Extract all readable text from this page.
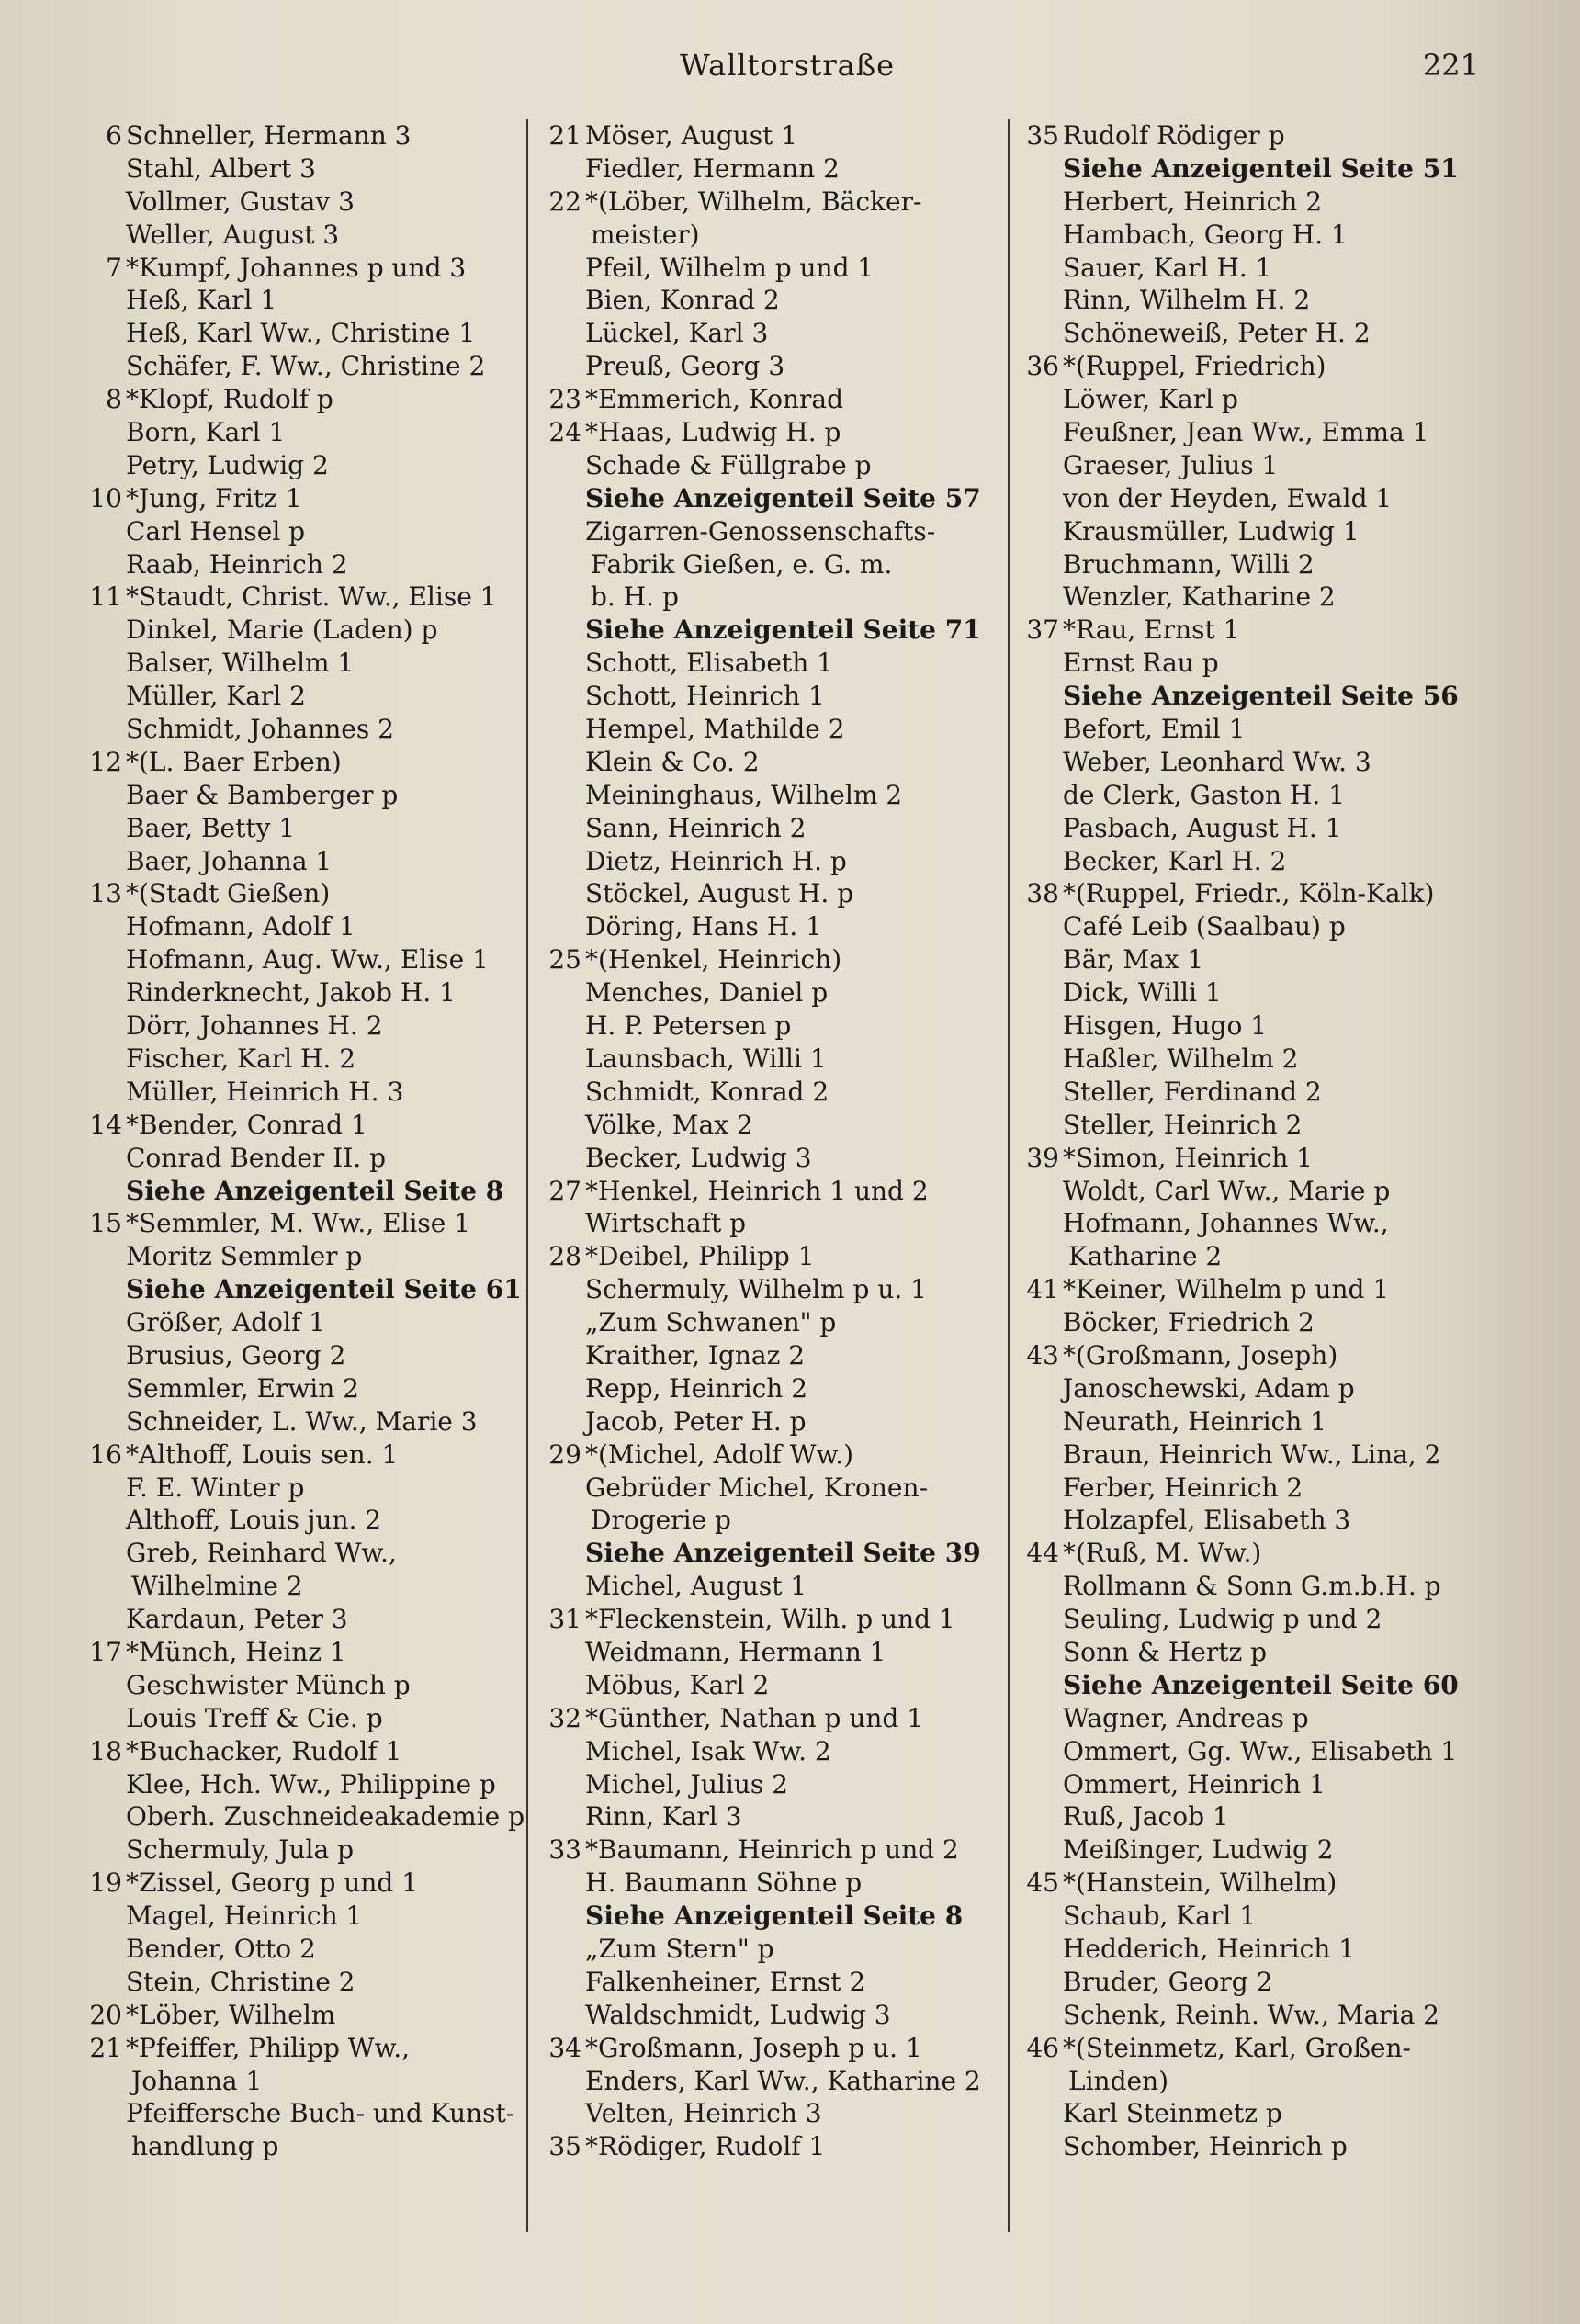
Walltorstraße	221
6 Schneller, Hermann 3
Stahl, Albert 3
Vollmer, Gustav 3
Weller, August 3
7 *Kumpf, Johannes p und 3
Heß, Karl 1
Heß, Karl Ww., Christine 1
Schäfer, F. Ww., Christine 2
8 *Klopf, Rudolf p
Born, Karl 1
Petry, Ludwig 2
10 *Jung, Fritz 1
Carl Hensel p
Raab, Heinrich 2
11 *Staudt, Christ. Ww., Elise 1
Dinkel, Marie (Laden) p
Balser, Wilhelm 1
Müller, Karl 2
Schmidt, Johannes 2
12 *(L. Baer Erben)
Baer & Bamberger p
Baer, Betty 1
Baer, Johanna 1
13 *(Stadt Gießen)
Hofmann, Adolf 1
Hofmann, Aug. Ww., Elise 1
Rinderknecht, Jakob H. 1
Dörr, Johannes H. 2
Fischer, Karl H. 2
Müller, Heinrich H. 3
14 *Bender, Conrad 1
Conrad Bender II. p
Siehe Anzeigenteil Seite 8
15 *Semmler, M. Ww., Elise 1
Moritz Semmler p
Siehe Anzeigenteil Seite 61
Größer, Adolf 1
Brusius, Georg 2
Semmler, Erwin 2
Schneider, L. Ww., Marie 3
16 *Althoff, Louis sen. 1
F. E. Winter p
Althoff, Louis jun. 2
Greb, Reinhard Ww.,
Wilhelmine 2
Kardaun, Peter 3
17 *Münch, Heinz 1
Geschwister Münch p
Louis Treff & Cie. p
18 *Buchacker, Rudolf 1
Klee, Hch. Ww., Philippine p
Oberh. Zuschneideakademie p
Schermuly, Jula p
19 *Zissel, Georg p und 1
Magel, Heinrich 1
Bender, Otto 2
Stein, Christine 2
20 *Löber, Wilhelm
21 *Pfeiffer, Philipp Ww.,
Johanna 1
Pfeiffersche Buch- und Kunst-
handlung p
21 Möser, August 1
Fiedler, Hermann 2
22 *(Löber, Wilhelm, Bäcker-
meister)
Pfeil, Wilhelm p und 1
Bien, Konrad 2
Lückel, Karl 3
Preuß, Georg 3
23 *Emmerich, Konrad
24 *Haas, Ludwig H. p
Schade & Füllgrabe p
Siehe Anzeigenteil Seite 57
Zigarren-Genossenschafts-
Fabrik Gießen, e. G. m.
b. H. p
Siehe Anzeigenteil Seite 71
Schott, Elisabeth 1
Schott, Heinrich 1
Hempel, Mathilde 2
Klein & Co. 2
Meininghaus, Wilhelm 2
Sann, Heinrich 2
Dietz, Heinrich H. p
Stöckel, August H. p
Döring, Hans H. 1
25 *(Henkel, Heinrich)
Menches, Daniel p
H. P. Petersen p
Launsbach, Willi 1
Schmidt, Konrad 2
Völke, Max 2
Becker, Ludwig 3
27 *Henkel, Heinrich 1 und 2
Wirtschaft p
28 *Deibel, Philipp 1
Schermuly, Wilhelm p u. 1
„Zum Schwanen" p
Kraither, Ignaz 2
Repp, Heinrich 2
Jacob, Peter H. p
29 *(Michel, Adolf Ww.)
Gebrüder Michel, Kronen-
Drogerie p
Siehe Anzeigenteil Seite 39
Michel, August 1
31 *Fleckenstein, Wilh. p und 1
Weidmann, Hermann 1
Möbus, Karl 2
32 *Günther, Nathan p und 1
Michel, Isak Ww. 2
Michel, Julius 2
Rinn, Karl 3
33 *Baumann, Heinrich p und 2
H. Baumann Söhne p
Siehe Anzeigenteil Seite 8
„Zum Stern" p
Falkenheiner, Ernst 2
Waldschmidt, Ludwig 3
34 *Großmann, Joseph p u. 1
Enders, Karl Ww., Katharine 2
Velten, Heinrich 3
35 *Rödiger, Rudolf 1
35 Rudolf Rödiger p
Siehe Anzeigenteil Seite 51
Herbert, Heinrich 2
Hambach, Georg H. 1
Sauer, Karl H. 1
Rinn, Wilhelm H. 2
Schöneweiß, Peter H. 2
36 *(Ruppel, Friedrich)
Löwer, Karl p
Feußner, Jean Ww., Emma 1
Graeser, Julius 1
von der Heyden, Ewald 1
Krausmüller, Ludwig 1
Bruchmann, Willi 2
Wenzler, Katharine 2
37 *Rau, Ernst 1
Ernst Rau p
Siehe Anzeigenteil Seite 56
Befort, Emil 1
Weber, Leonhard Ww. 3
de Clerk, Gaston H. 1
Pasbach, August H. 1
Becker, Karl H. 2
38 *(Ruppel, Friedr., Köln-Kalk)
Café Leib (Saalbau) p
Bär, Max 1
Dick, Willi 1
Hisgen, Hugo 1
Haßler, Wilhelm 2
Steller, Ferdinand 2
Steller, Heinrich 2
39 *Simon, Heinrich 1
Woldt, Carl Ww., Marie p
Hofmann, Johannes Ww.,
Katharine 2
41 *Keiner, Wilhelm p und 1
Böcker, Friedrich 2
43 *(Großmann, Joseph)
Janoschewski, Adam p
Neurath, Heinrich 1
Braun, Heinrich Ww., Lina, 2
Ferber, Heinrich 2
Holzapfel, Elisabeth 3
44 *(Ruß, M. Ww.)
Rollmann & Sonn G.m.b.H. p
Seuling, Ludwig p und 2
Sonn & Hertz p
Siehe Anzeigenteil Seite 60
Wagner, Andreas p
Ommert, Gg. Ww., Elisabeth 1
Ommert, Heinrich 1
Ruß, Jacob 1
Meißinger, Ludwig 2
45 *(Hanstein, Wilhelm)
Schaub, Karl 1
Hedderich, Heinrich 1
Bruder, Georg 2
Schenk, Reinh. Ww., Maria 2
46 *(Steinmetz, Karl, Großen-
Linden)
Karl Steinmetz p
Schomber, Heinrich p
